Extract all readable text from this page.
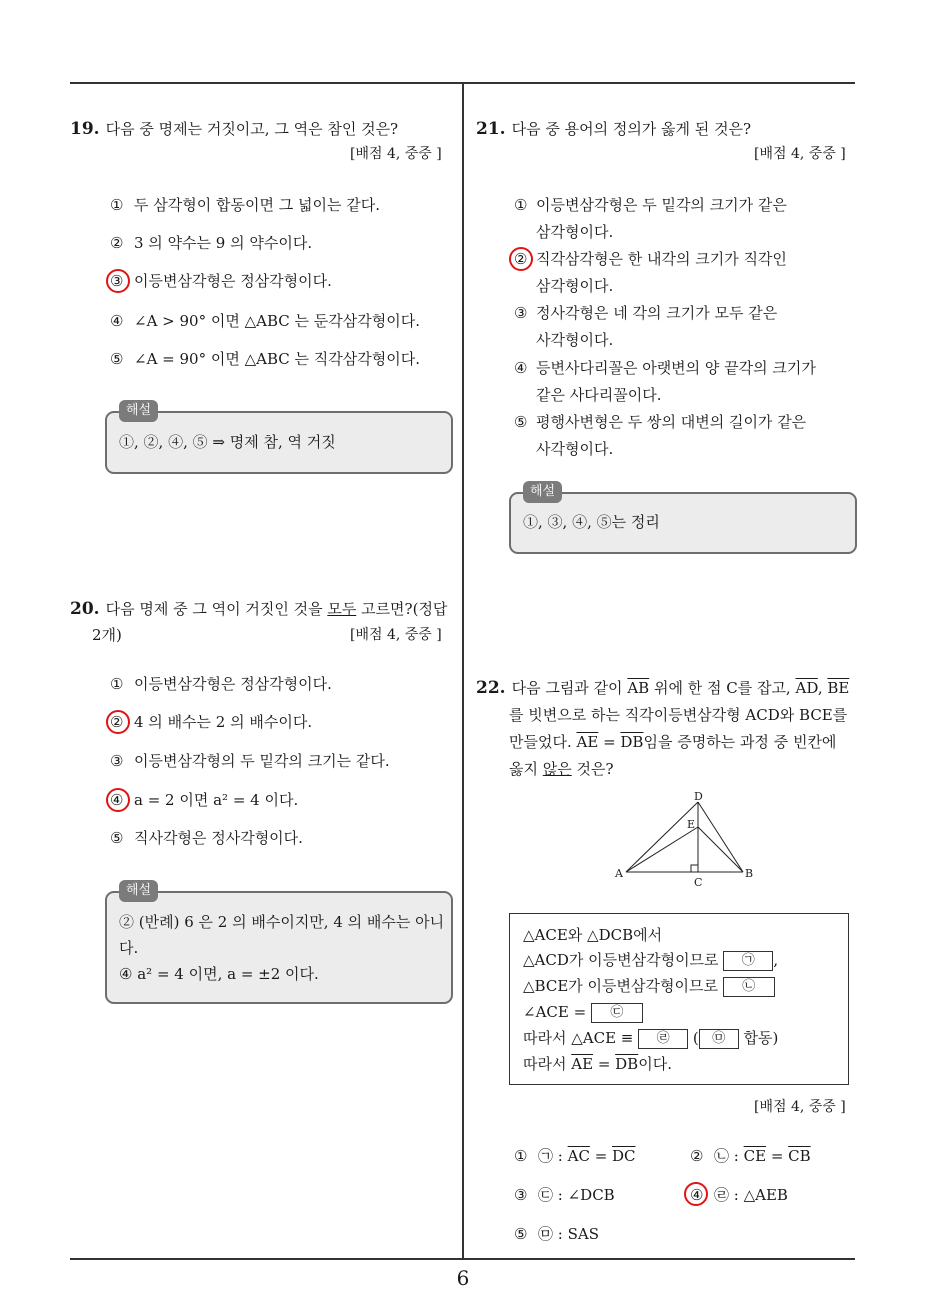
19. 다음 중 명제는 거짓이고, 그 역은 참인 것은?
[배점 4, 중중 ]
① 두 삼각형이 합동이면 그 넓이는 같다.
② 3 의 약수는 9 의 약수이다.
③ 이등변삼각형은 정삼각형이다.
④ ∠A > 90° 이면 △ABC 는 둔각삼각형이다.
⑤ ∠A = 90° 이면 △ABC 는 직각삼각형이다.
해설
①, ②, ④, ⑤ ⇒ 명제 참, 역 거짓
20. 다음 명제 중 그 역이 거짓인 것을 모두 고르면?(정답
2개)	[배점 4, 중중 ]
① 이등변삼각형은 정삼각형이다.
② 4 의 배수는 2 의 배수이다.
③ 이등변삼각형의 두 밑각의 크기는 같다.
④ a = 2 이면 a² = 4 이다.
⑤ 직사각형은 정사각형이다.
해설
② (반례) 6 은 2 의 배수이지만, 4 의 배수는 아니
다.
④ a² = 4 이면, a = ±2 이다.
21. 다음 중 용어의 정의가 옳게 된 것은?
[배점 4, 중중 ]
① 이등변삼각형은 두 밑각의 크기가 같은
삼각형이다.
② 직각삼각형은 한 내각의 크기가 직각인
삼각형이다.
③ 정사각형은 네 각의 크기가 모두 같은
사각형이다.
④ 등변사다리꼴은 아랫변의 양 끝각의 크기가
같은 사다리꼴이다.
⑤ 평행사변형은 두 쌍의 대변의 길이가 같은
사각형이다.
해설
①, ③, ④, ⑤는 정리
22. 다음 그림과 같이 $\overline{AB}$ 위에 한 점 C를 잡고, $\overline{AD}$, $\overline{BE}$
를 빗변으로 하는 직각이등변삼각형 ACD와 BCE를
만들었다. $\overline{AE} = \overline{DB}$임을 증명하는 과정 중 빈칸에
옳지 않은 것은?
A	B
C
D
E
△ACE와 △DCB에서
△ACD가 이등변삼각형이므로 ㉠ ,
△BCE가 이등변삼각형이므로 ㉡
∠ACE = ㉢
따라서 △ACE ≡ ㉣ ( ㉤ 합동)
따라서 $\overline{AE} = \overline{DB}$이다.
[배점 4, 중중 ]
① ㉠ : $\overline{AC} = \overline{DC}$	② ㉡ : $\overline{CE} = \overline{CB}$
③ ㉢ : ∠DCB	④ ㉣ : △AEB
⑤ ㉤ : SAS
6
